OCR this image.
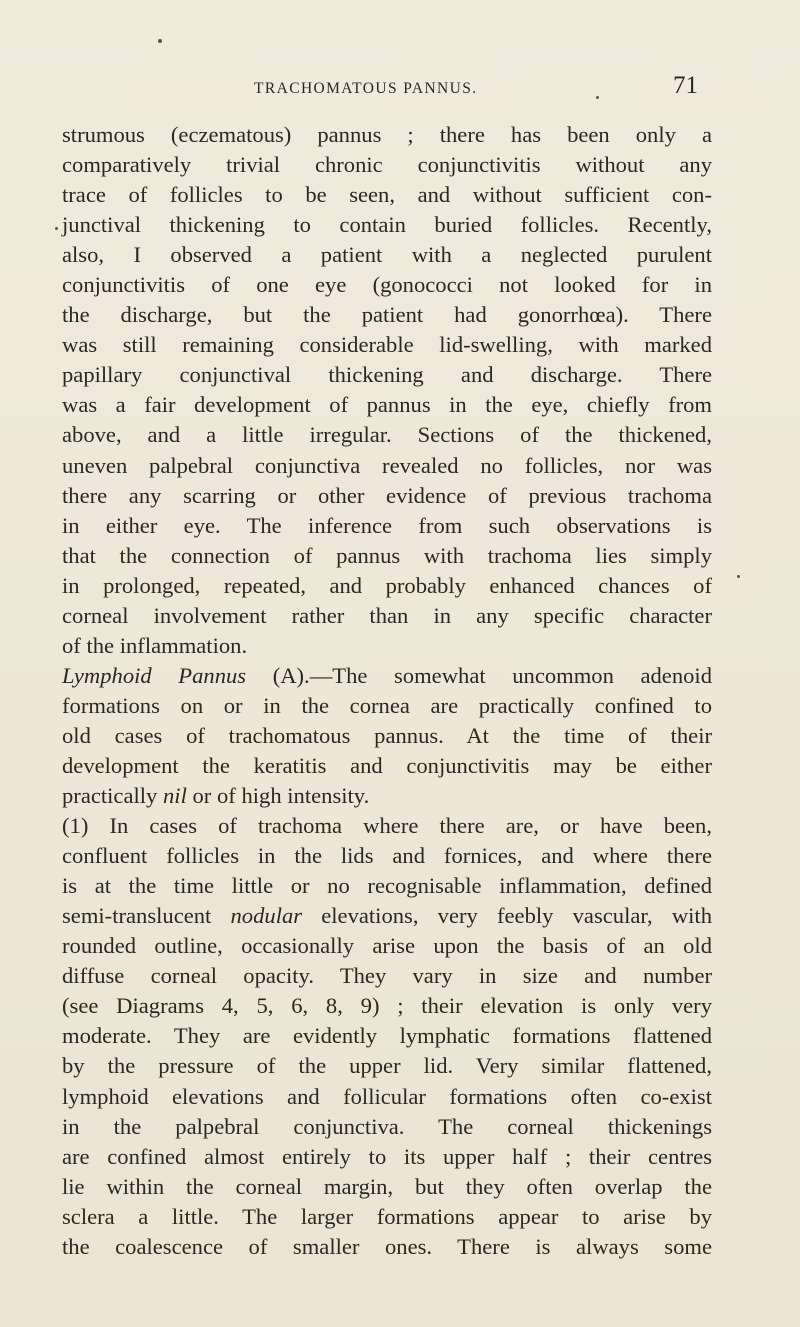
TRACHOMATOUS PANNUS.	71
strumous (eczematous) pannus ; there has been only a
comparatively trivial chronic conjunctivitis without any
trace of follicles to be seen, and without sufficient con-
junctival thickening to contain buried follicles. Recently,
also, I observed a patient with a neglected purulent
conjunctivitis of one eye (gonococci not looked for in
the discharge, but the patient had gonorrhœa). There
was still remaining considerable lid-swelling, with marked
papillary conjunctival thickening and discharge. There
was a fair development of pannus in the eye, chiefly from
above, and a little irregular. Sections of the thickened,
uneven palpebral conjunctiva revealed no follicles, nor was
there any scarring or other evidence of previous trachoma
in either eye. The inference from such observations is
that the connection of pannus with trachoma lies simply
in prolonged, repeated, and probably enhanced chances of
corneal involvement rather than in any specific character
of the inflammation.
Lymphoid Pannus (A).—The somewhat uncommon adenoid
formations on or in the cornea are practically confined to
old cases of trachomatous pannus. At the time of their
development the keratitis and conjunctivitis may be either
practically nil or of high intensity.
(1) In cases of trachoma where there are, or have been,
confluent follicles in the lids and fornices, and where there
is at the time little or no recognisable inflammation, defined
semi-translucent nodular elevations, very feebly vascular, with
rounded outline, occasionally arise upon the basis of an old
diffuse corneal opacity. They vary in size and number
(see Diagrams 4, 5, 6, 8, 9) ; their elevation is only very
moderate. They are evidently lymphatic formations flattened
by the pressure of the upper lid. Very similar flattened,
lymphoid elevations and follicular formations often co-exist
in the palpebral conjunctiva. The corneal thickenings
are confined almost entirely to its upper half ; their centres
lie within the corneal margin, but they often overlap the
sclera a little. The larger formations appear to arise by
the coalescence of smaller ones. There is always some
